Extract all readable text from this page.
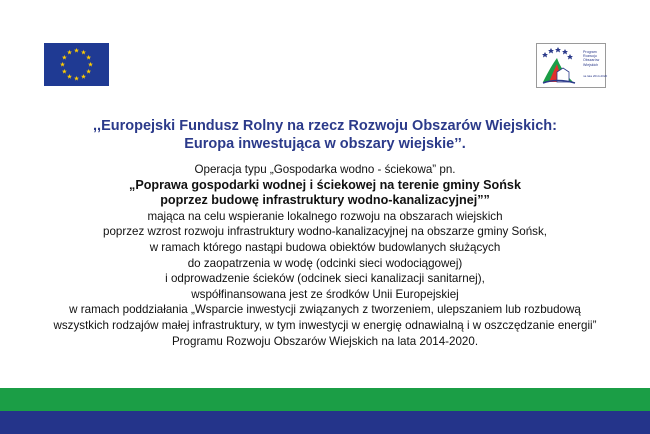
Program
Rozwoju
Obszarów
Wiejskich
na lata 2014-2020
,,Europejski Fundusz Rolny na rzecz Rozwoju Obszarów Wiejskich:
Europa inwestująca w obszary wiejskie’’.
Operacja typu „Gospodarka wodno - ściekowa” pn.
„Poprawa gospodarki wodnej i ściekowej na terenie gminy Sońsk
poprzez budowę infrastruktury wodno-kanalizacyjnej””
mająca na celu wspieranie lokalnego rozwoju na obszarach wiejskich
poprzez wzrost rozwoju infrastruktury wodno-kanalizacyjnej na obszarze gminy Sońsk,
w ramach którego nastąpi budowa obiektów budowlanych służących
do zaopatrzenia w wodę (odcinki sieci wodociągowej)
i odprowadzenie ścieków (odcinek sieci kanalizacji sanitarnej),
współfinansowana jest ze środków Unii Europejskiej
w ramach poddziałania „Wsparcie inwestycji związanych z tworzeniem, ulepszaniem lub rozbudową
wszystkich rodzajów małej infrastruktury, w tym inwestycji w energię odnawialną i w oszczędzanie energii”
Programu Rozwoju Obszarów Wiejskich na lata 2014-2020.
